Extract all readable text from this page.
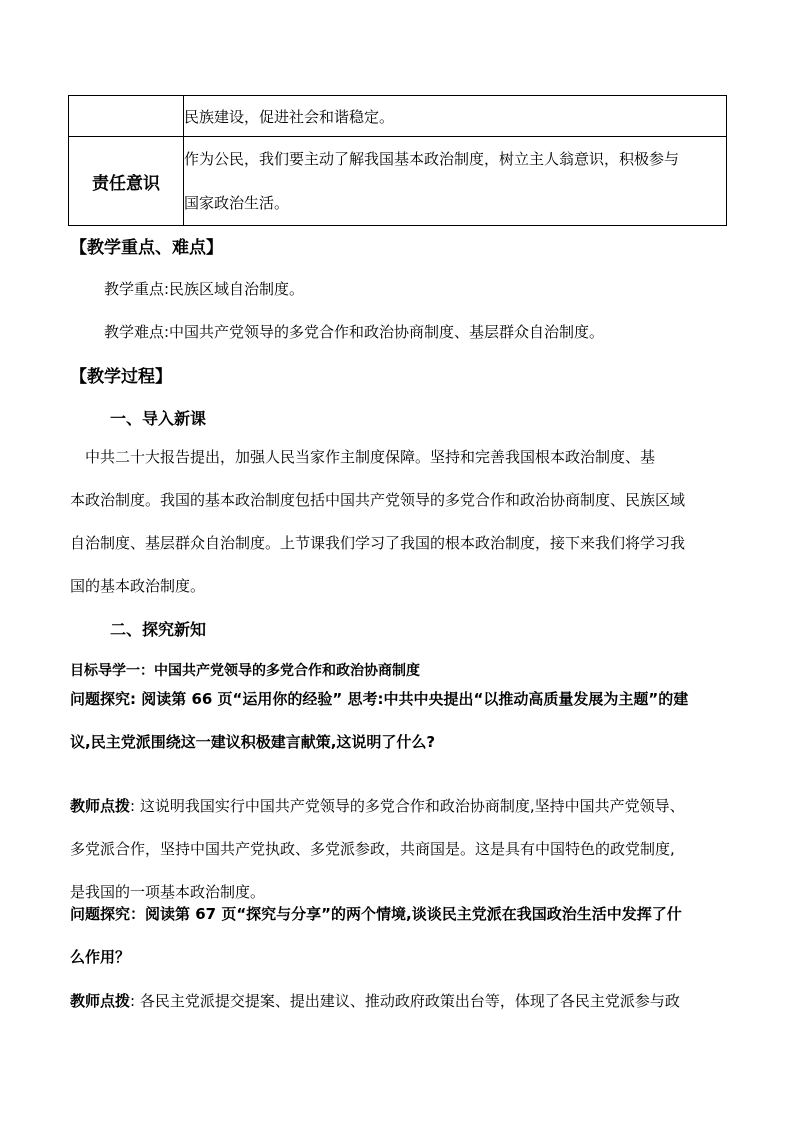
	民族建设，促进社会和谐稳定。

责任意识	作为公民，我们要主动了解我国基本政治制度，树立主人翁意识，积极参与
国家政治生活。
【教学重点、难点】
教学重点:民族区域自治制度。
教学难点:中国共产党领导的多党合作和政治协商制度、基层群众自治制度。
【教学过程】
一、导入新课

　中共二十大报告提出，加强人民当家作主制度保障。坚持和完善我国根本政治制度、基

本政治制度。我国的基本政治制度包括中国共产党领导的多党合作和政治协商制度、民族区域

自治制度、基层群众自治制度。上节课我们学习了我国的根本政治制度，接下来我们将学习我

国的基本政治制度。

二、探究新知
目标导学一：中国共产党领导的多党合作和政治协商制度

问题探究: 阅读第 66 页“运用你的经验” 思考:中共中央提出“以推动高质量发展为主题”的建

议,民主党派围绕这一建议积极建言献策,这说明了什么?

教师点拨: 这说明我国实行中国共产党领导的多党合作和政治协商制度,坚持中国共产党领导、

多党派合作，坚持中国共产党执政、多党派参政，共商国是。这是具有中国特色的政党制度,

是我国的一项基本政治制度。

问题探究：阅读第 67 页“探究与分享”的两个情境,谈谈民主党派在我国政治生活中发挥了什

么作用？

教师点拨: 各民主党派提交提案、提出建议、推动政府政策出台等，体现了各民主党派参与政
